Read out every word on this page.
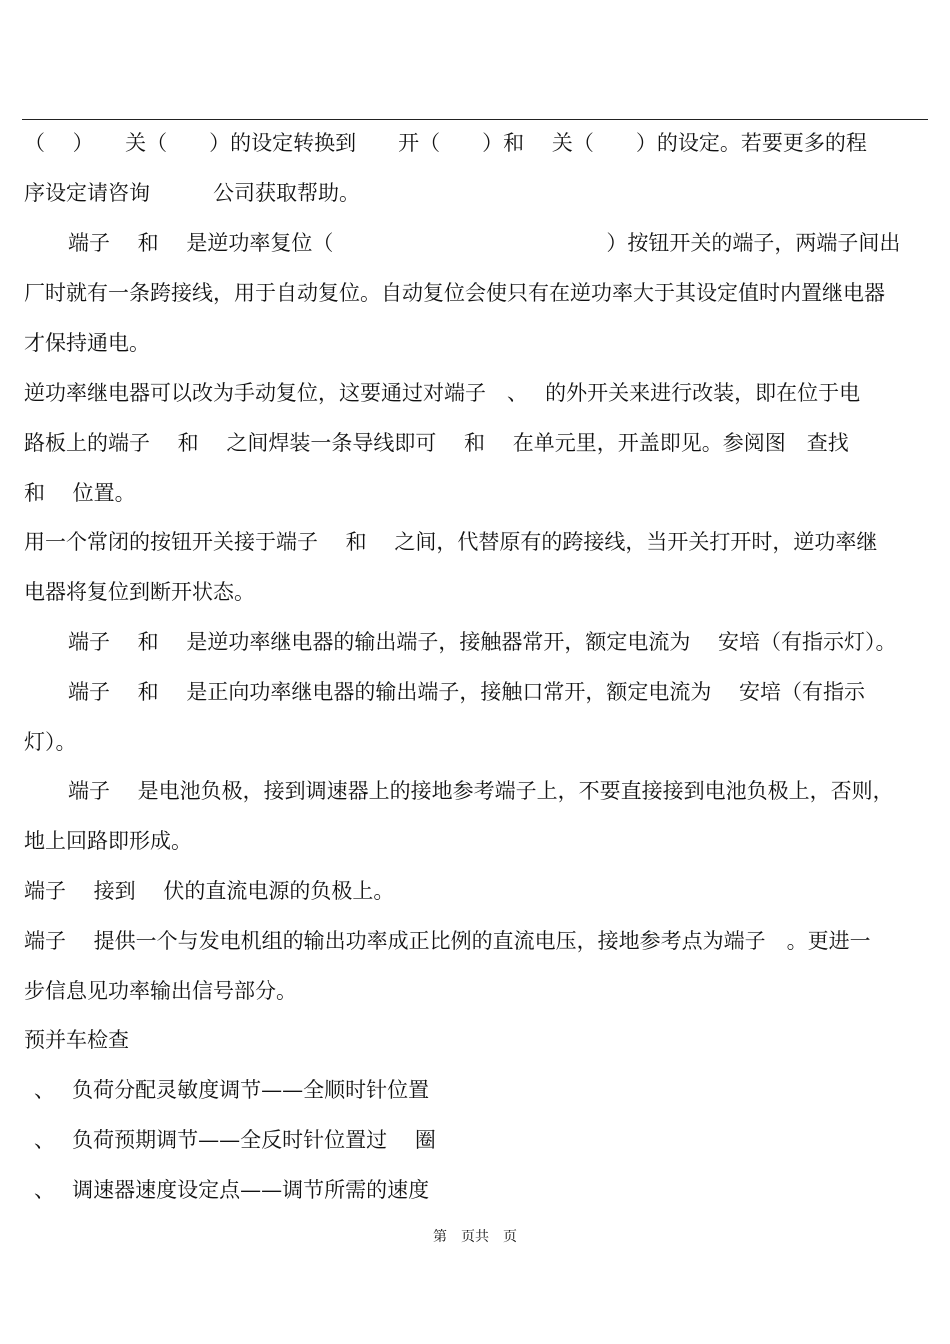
（　 ）　　关（　　）的设定转换到　　开（　　）和　 关（　　）的设定。若要更多的程

序设定请咨询　　　公司获取帮助。

端子　 和　 是逆功率复位（　　　　　　　　　　　　　）按钮开关的端子，两端子间出

厂时就有一条跨接线，用于自动复位。自动复位会使只有在逆功率大于其设定值时内置继电器

才保持通电。

逆功率继电器可以改为手动复位，这要通过对端子　、　 的外开关来进行改装，即在位于电

路板上的端子　 和　 之间焊装一条导线即可　 和　 在单元里，开盖即见。参阅图　查找

和　 位置。

用一个常闭的按钮开关接于端子　 和　 之间，代替原有的跨接线，当开关打开时，逆功率继

电器将复位到断开状态。

端子　 和　 是逆功率继电器的输出端子，接触器常开，额定电流为　 安培（有指示灯）。

端子　 和　 是正向功率继电器的输出端子，接触口常开，额定电流为　 安培（有指示

灯）。

端子　 是电池负极，接到调速器上的接地参考端子上，不要直接接到电池负极上，否则，

地上回路即形成。

端子　 接到　 伏的直流电源的负极上。

端子　 提供一个与发电机组的输出功率成正比例的直流电压，接地参考点为端子　。更进一

步信息见功率输出信号部分。

预并车检查

、　 负荷分配灵敏度调节——全顺时针位置

、　 负荷预期调节——全反时针位置过　 圈

、　 调速器速度设定点——调节所需的速度

第　页共　页
